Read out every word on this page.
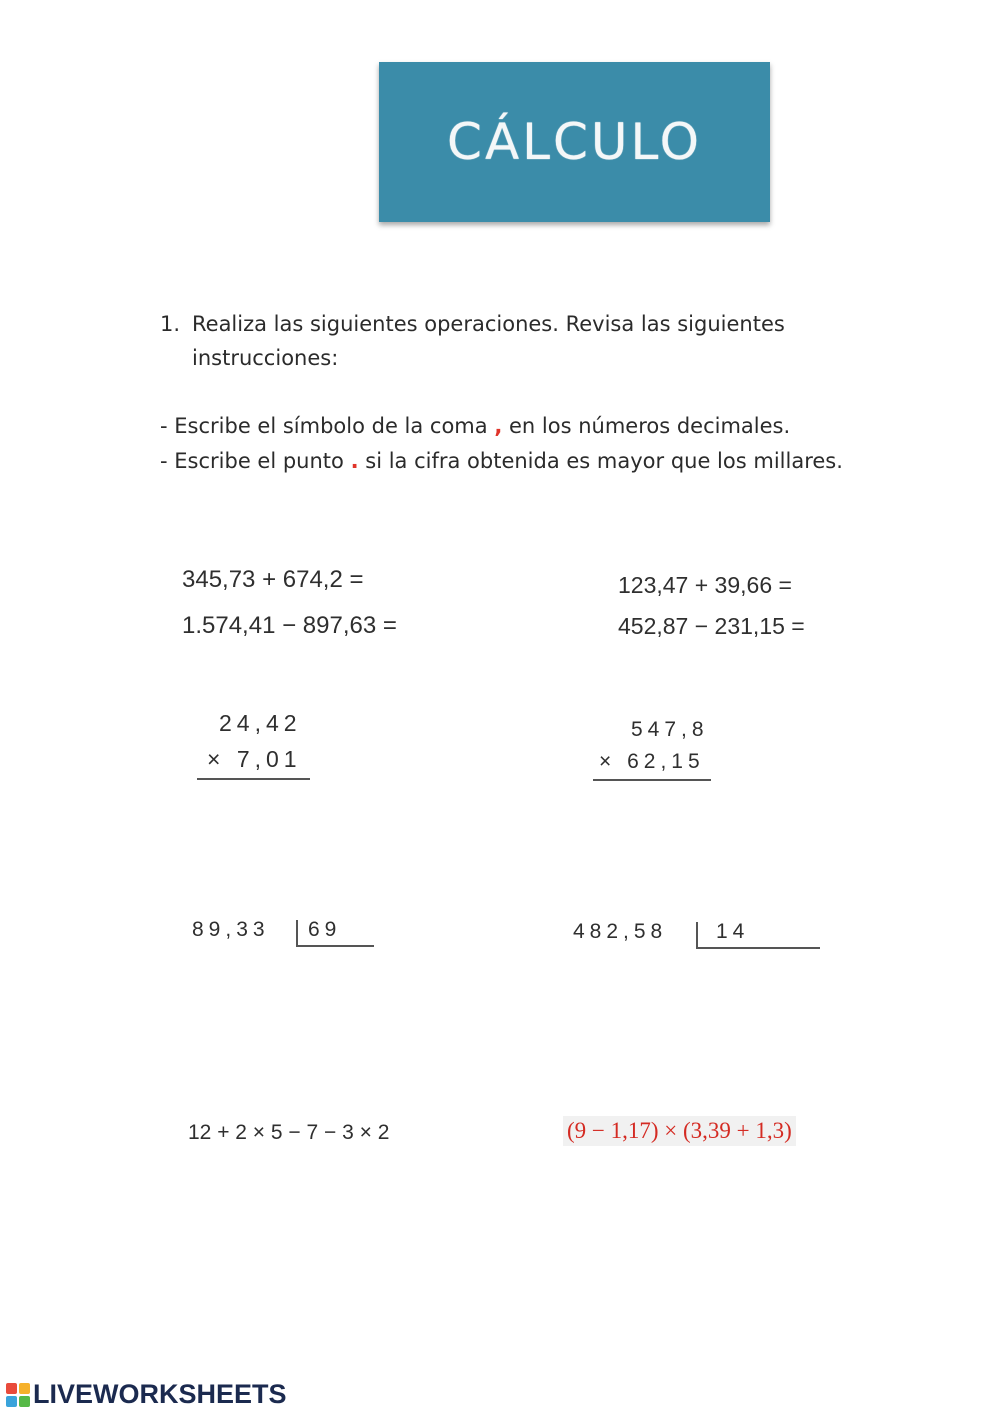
CÁLCULO
1. Realiza las siguientes operaciones. Revisa las siguientes
instrucciones:
- Escribe el símbolo de la coma , en los números decimales.
- Escribe el punto . si la cifra obtenida es mayor que los millares.
345,73 + 674,2 =
1.574,41 − 897,63 =
123,47 + 39,66 =
452,87 − 231,15 =
24,42
× 7,01
547,8
× 62,15
89,33 69	482,58 14
12 + 2 × 5 − 7 − 3 × 2	(9 − 1,17) × (3,39 + 1,3)
LIVEWORKSHEETS
